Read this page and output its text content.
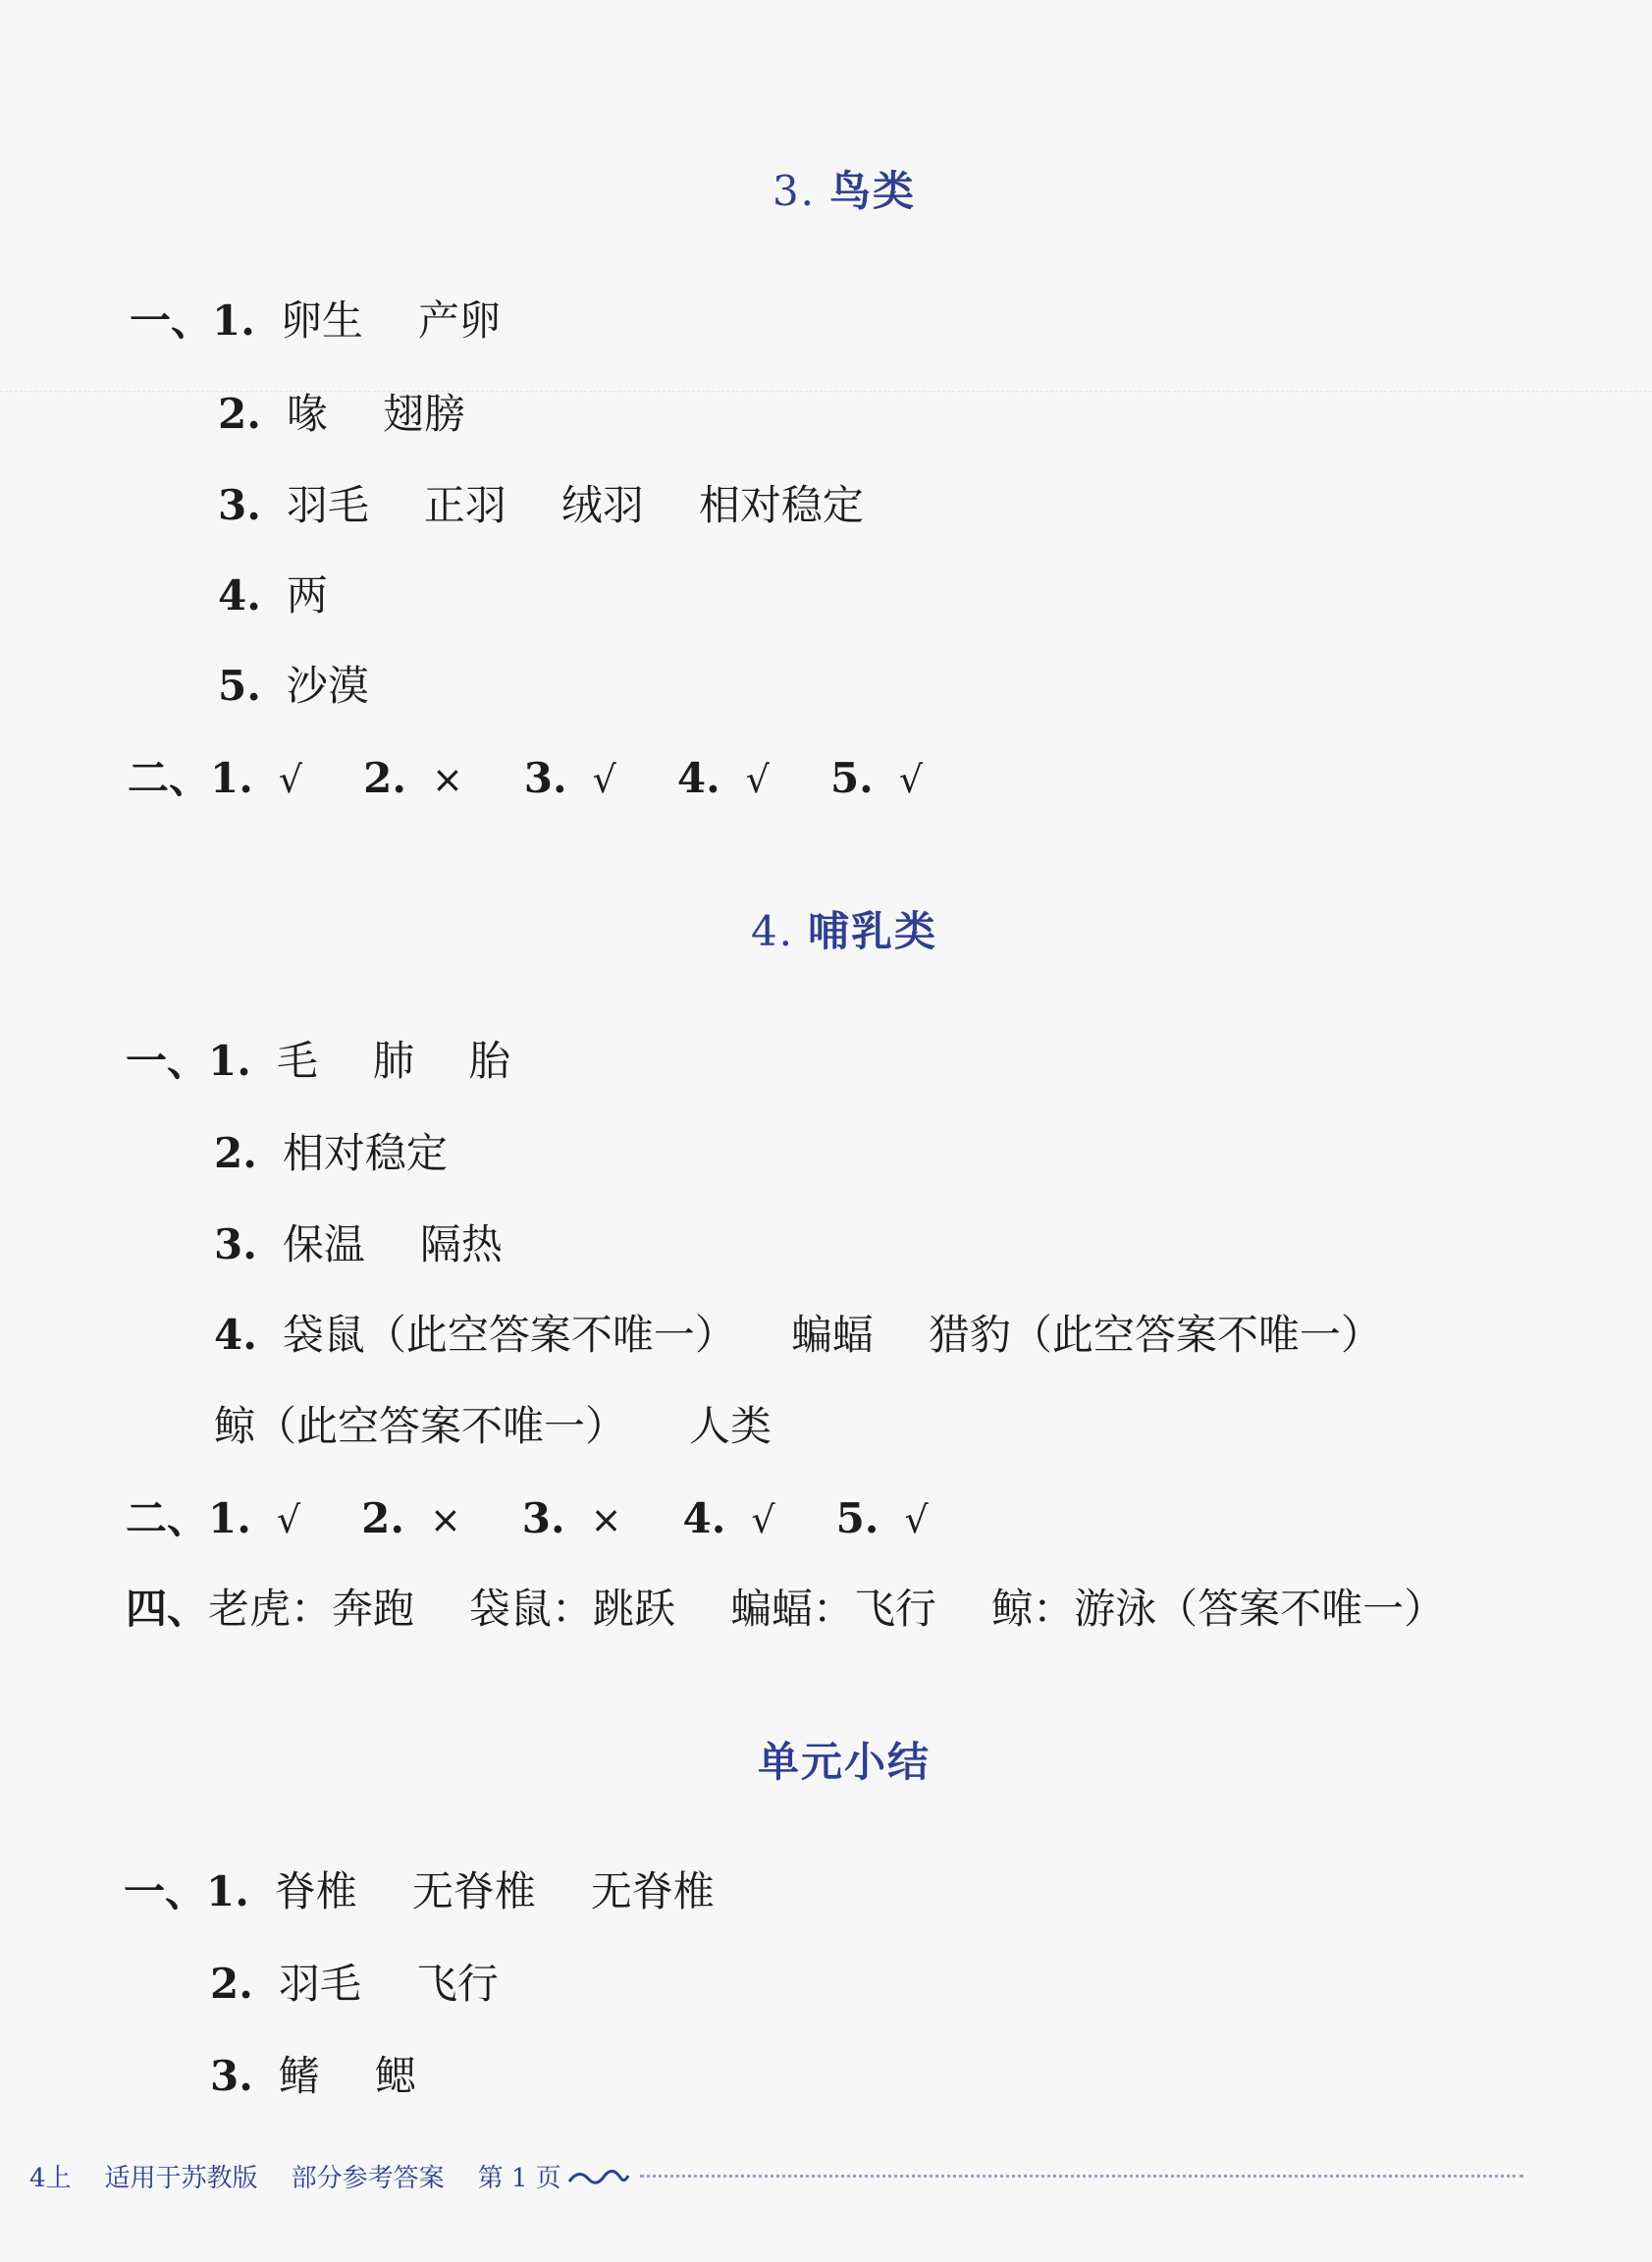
3. 鸟类
一、1. 卵生 产卵
2. 喙 翅膀
3. 羽毛 正羽 绒羽 相对稳定
4. 两
5. 沙漠
二、1. √ 2. × 3. √ 4. √ 5. √
4. 哺乳类
一、1. 毛 肺 胎
2. 相对稳定
3. 保温 隔热
4. 袋鼠（此空答案不唯一） 蝙蝠 猎豹（此空答案不唯一）
鲸（此空答案不唯一） 人类
二、1. √ 2. × 3. × 4. √ 5. √
四、老虎：奔跑 袋鼠：跳跃 蝙蝠：飞行 鲸：游泳（答案不唯一）
单元小结
一、1. 脊椎 无脊椎 无脊椎
2. 羽毛 飞行
3. 鳍 鳃
4上 适用于苏教版 部分参考答案 第 1 页
